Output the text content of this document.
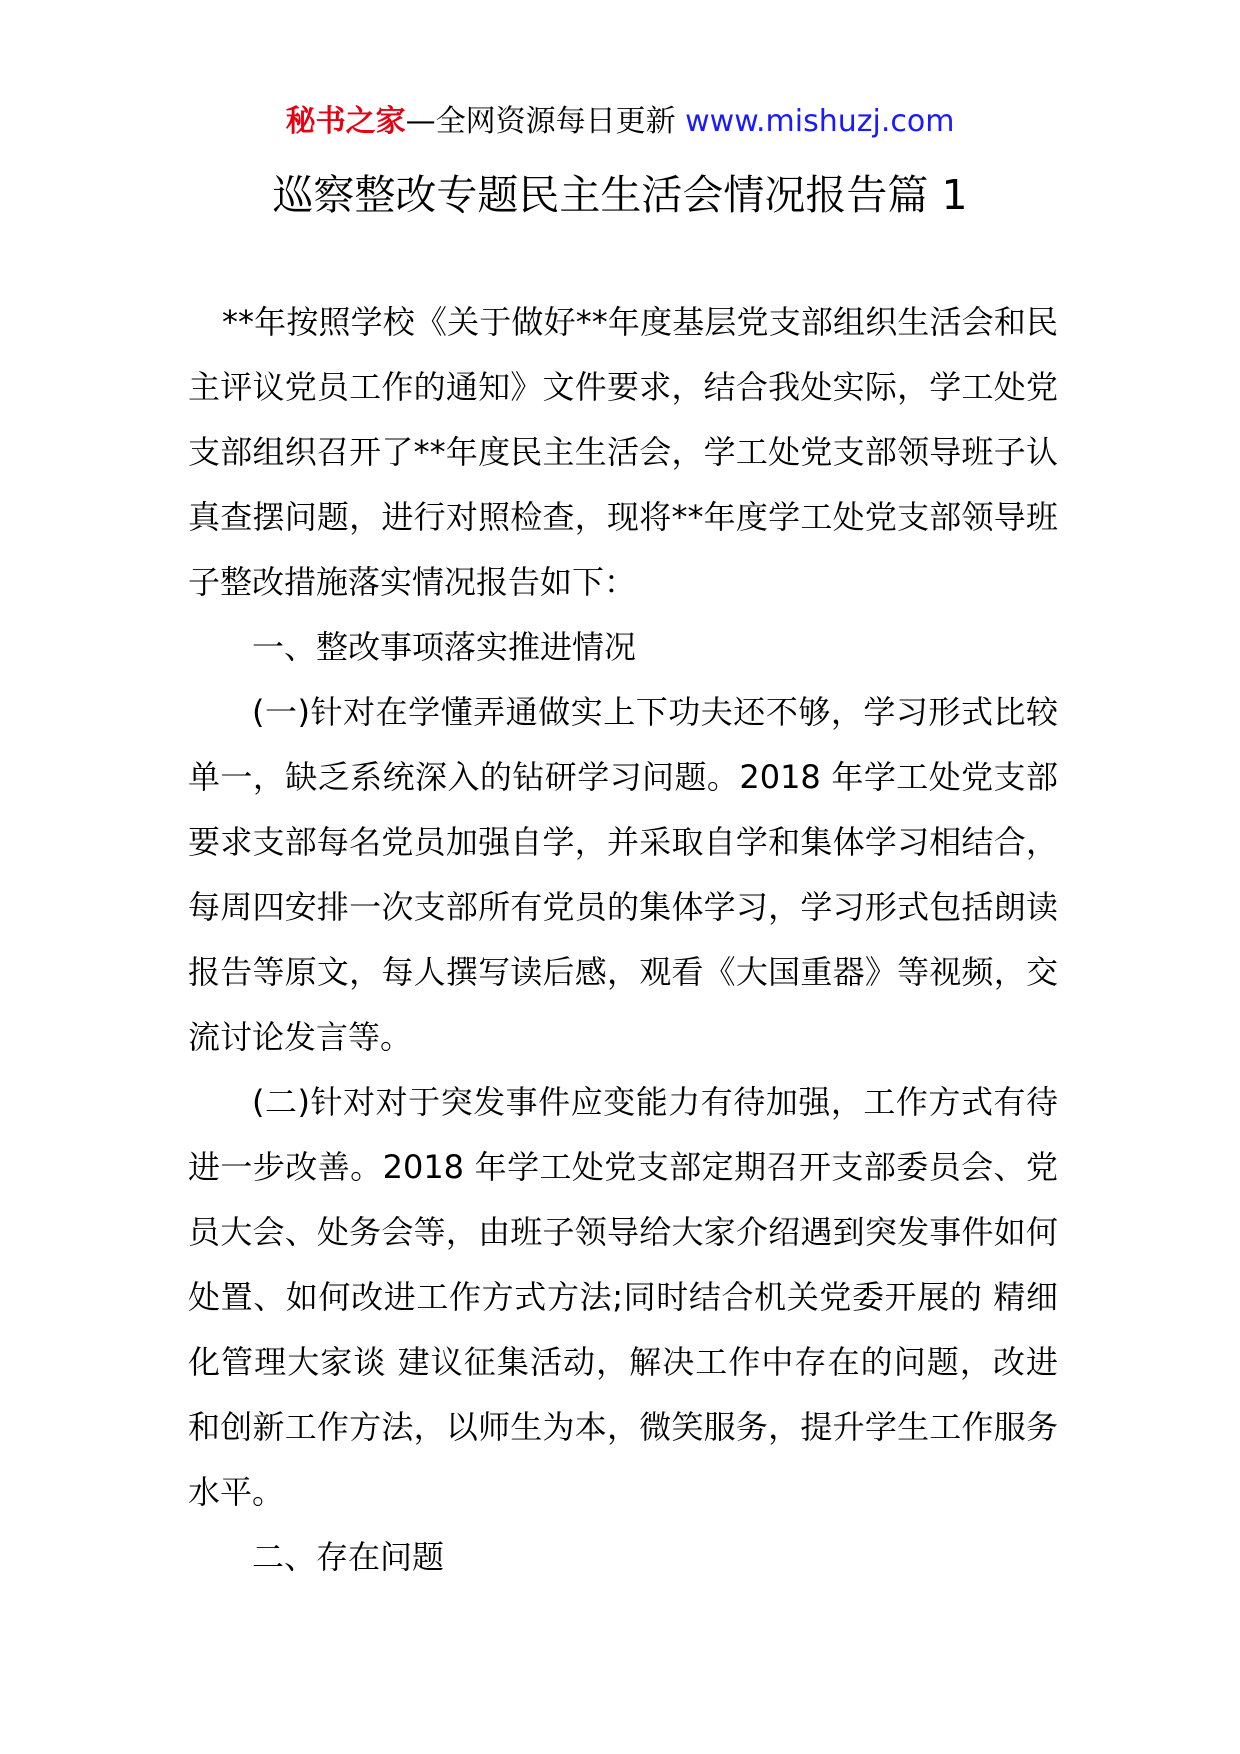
秘书之家—全网资源每日更新 www.mishuzj.com
巡察整改专题民主生活会情况报告篇 1

**年按照学校《关于做好**年度基层党支部组织生活会和民主评议党员工作的通知》文件要求，结合我处实际，学工处党支部组织召开了**年度民主生活会，学工处党支部领导班子认真查摆问题，进行对照检查，现将**年度学工处党支部领导班子整改措施落实情况报告如下：

一、整改事项落实推进情况

(一)针对在学懂弄通做实上下功夫还不够，学习形式比较单一，缺乏系统深入的钻研学习问题。2018 年学工处党支部要求支部每名党员加强自学，并采取自学和集体学习相结合，每周四安排一次支部所有党员的集体学习，学习形式包括朗读报告等原文，每人撰写读后感，观看《大国重器》等视频，交流讨论发言等。

(二)针对对于突发事件应变能力有待加强，工作方式有待进一步改善。2018 年学工处党支部定期召开支部委员会、党员大会、处务会等，由班子领导给大家介绍遇到突发事件如何处置、如何改进工作方式方法;同时结合机关党委开展的 精细化管理大家谈 建议征集活动，解决工作中存在的问题，改进和创新工作方法，以师生为本，微笑服务，提升学生工作服务水平。

二、存在问题
